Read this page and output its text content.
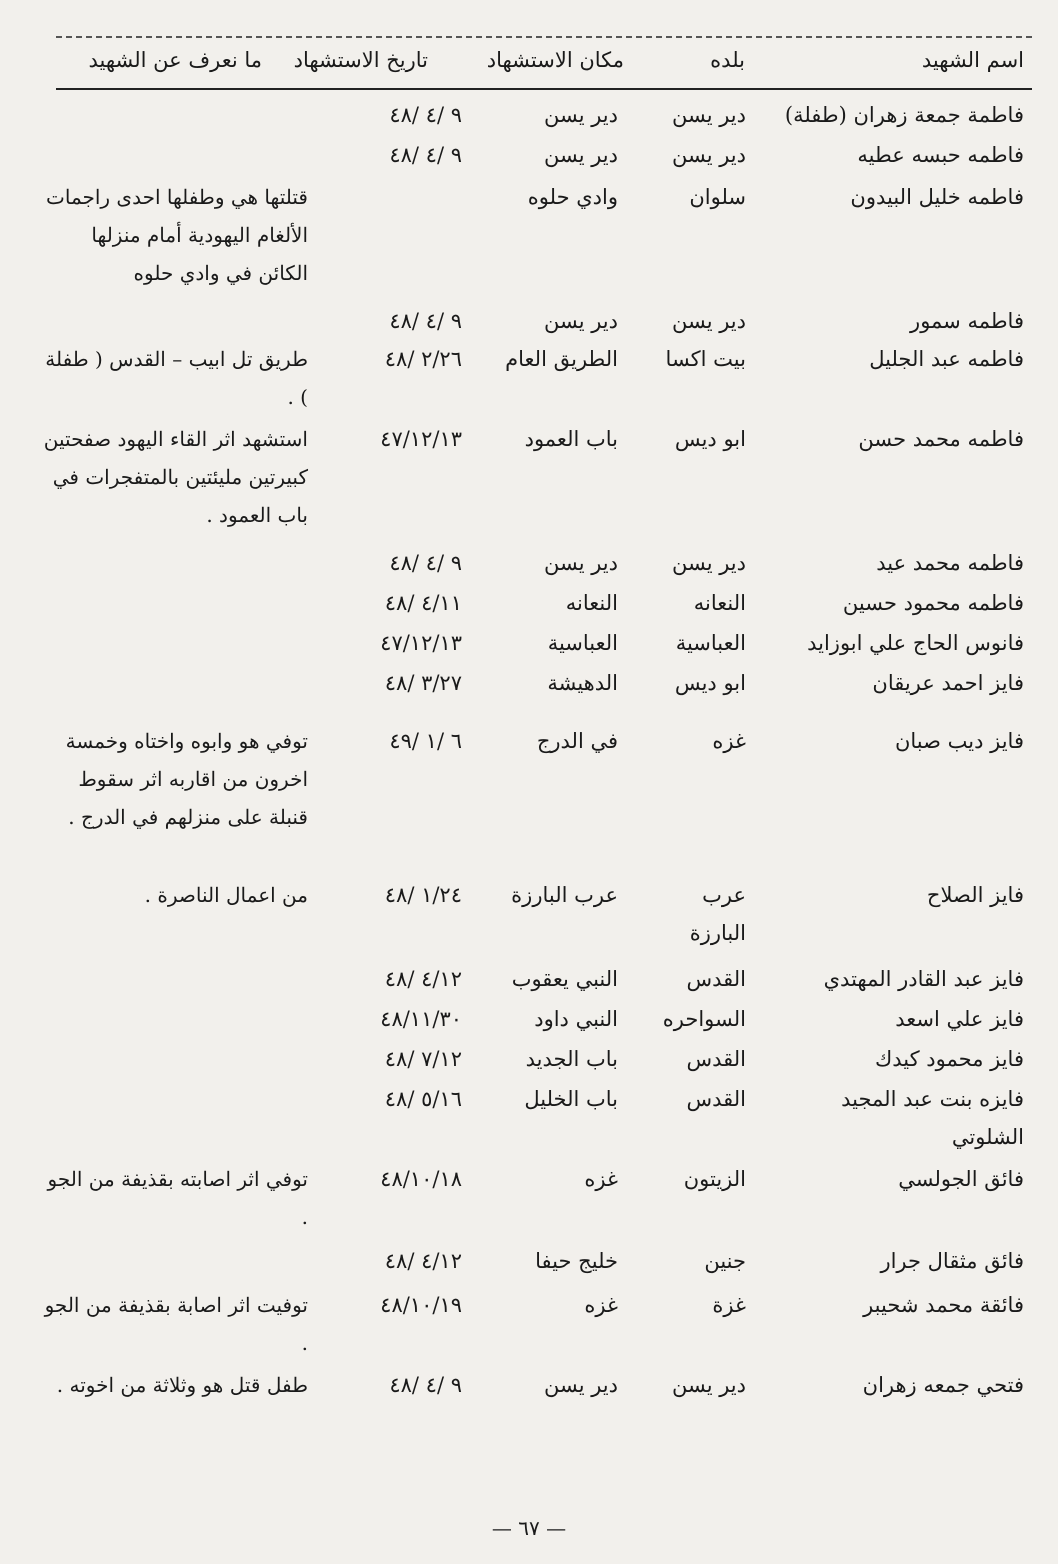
اسم الشهيد
بلده
مكان الاستشهاد
تاريخ الاستشهاد
ما نعرف عن الشهيد
فاطمة جمعة زهران (طفلة)
دير يسن
دير يسن
٩ /٤ /٤٨
فاطمه حبسه عطيه
دير يسن
دير يسن
٩ /٤ /٤٨
فاطمه خليل البيدون
سلوان
وادي حلوه
قتلتها هي وطفلها احدى راجمات الألغام اليهودية أمام منزلها الكائن في وادي حلوه
فاطمه سمور
دير يسن
دير يسن
٩ /٤ /٤٨
فاطمه عبد الجليل
بيت اكسا
الطريق العام
٢/٢٦ /٤٨
طريق تل ابيب – القدس ( طفلة ) .
فاطمه محمد حسن
ابو ديس
باب العمود
٤٧/١٢/١٣
استشهد اثر القاء اليهود صفحتين كبيرتين مليئتين بالمتفجرات في باب العمود .
فاطمه محمد عيد
دير يسن
دير يسن
٩ /٤ /٤٨
فاطمه محمود حسين
النعانه
النعانه
٤/١١ /٤٨
فانوس الحاج علي ابوزايد
العباسية
العباسية
٤٧/١٢/١٣
فايز احمد عريقان
ابو ديس
الدهيشة
٣/٢٧ /٤٨
فايز ديب صبان
غزه
في الدرج
٦ /١ /٤٩
توفي هو وابوه واختاه وخمسة اخرون من اقاربه اثر سقوط قنبلة على منزلهم في الدرج .
فايز الصلاح
عرب البارزة
عرب البارزة
١/٢٤ /٤٨
من اعمال الناصرة .
فايز عبد القادر المهتدي
القدس
النبي يعقوب
٤/١٢ /٤٨
فايز علي اسعد
السواحره
النبي داود
٤٨/١١/٣٠
فايز محمود كيدك
القدس
باب الجديد
٧/١٢ /٤٨
فايزه بنت عبد المجيد الشلوتي
القدس
باب الخليل
٥/١٦ /٤٨
فائق الجولسي
الزيتون
غزه
٤٨/١٠/١٨
توفي اثر اصابته بقذيفة من الجو .
فائق مثقال جرار
جنين
خليج حيفا
٤/١٢ /٤٨
فائقة محمد شحيبر
غزة
غزه
٤٨/١٠/١٩
توفيت اثر اصابة بقذيفة من الجو .
فتحي جمعه زهران
دير يسن
دير يسن
٩ /٤ /٤٨
طفل قتل هو وثلاثة من اخوته .
— ٦٧ —
